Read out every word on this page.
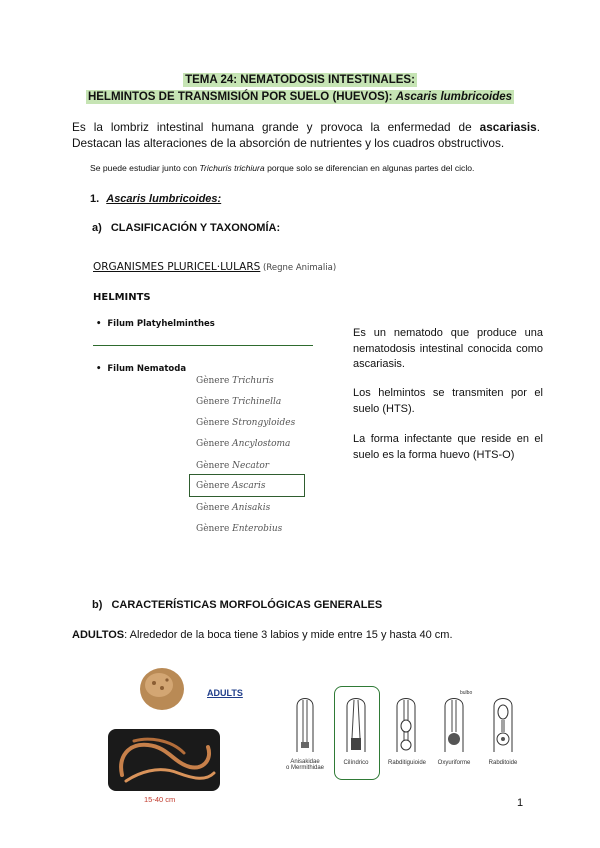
TEMA 24: NEMATODOSIS INTESTINALES:
HELMINTOS DE TRANSMISIÓN POR SUELO (HUEVOS): Ascaris lumbricoides
Es la lombriz intestinal humana grande y provoca la enfermedad de ascariasis. Destacan las alteraciones de la absorción de nutrientes y los cuadros obstructivos.
Se puede estudiar junto con Trichuris trichiura porque solo se diferencian en algunas partes del ciclo.
1. Ascaris lumbricoides:
a) CLASIFICACIÓN Y TAXONOMÍA:
ORGANISMES PLURICEL·LULARS (Regne Animalia)
HELMINTS
• Filum Platyhelminthes
• Filum Nematoda
Gènere Trichuris
Gènere Trichinella
Gènere Strongyloides
Gènere Ancylostoma
Gènere Necator
Gènere Ascaris
Gènere Anisakis
Gènere Enterobius
Es un nematodo que produce una nematodosis intestinal conocida como ascariasis.
Los helmintos se transmiten por el suelo (HTS).
La forma infectante que reside en el suelo es la forma huevo (HTS-O)
b) CARACTERÍSTICAS MORFOLÓGICAS GENERALES
ADULTOS: Alrededor de la boca tiene 3 labios y mide entre 15 y hasta 40 cm.
ADULTS
15-40 cm
bulbo
Anisakidae
o Mermithidae
Cilíndrico	Rabditiguioide	Oxyuriforme	Rabditoide
1
